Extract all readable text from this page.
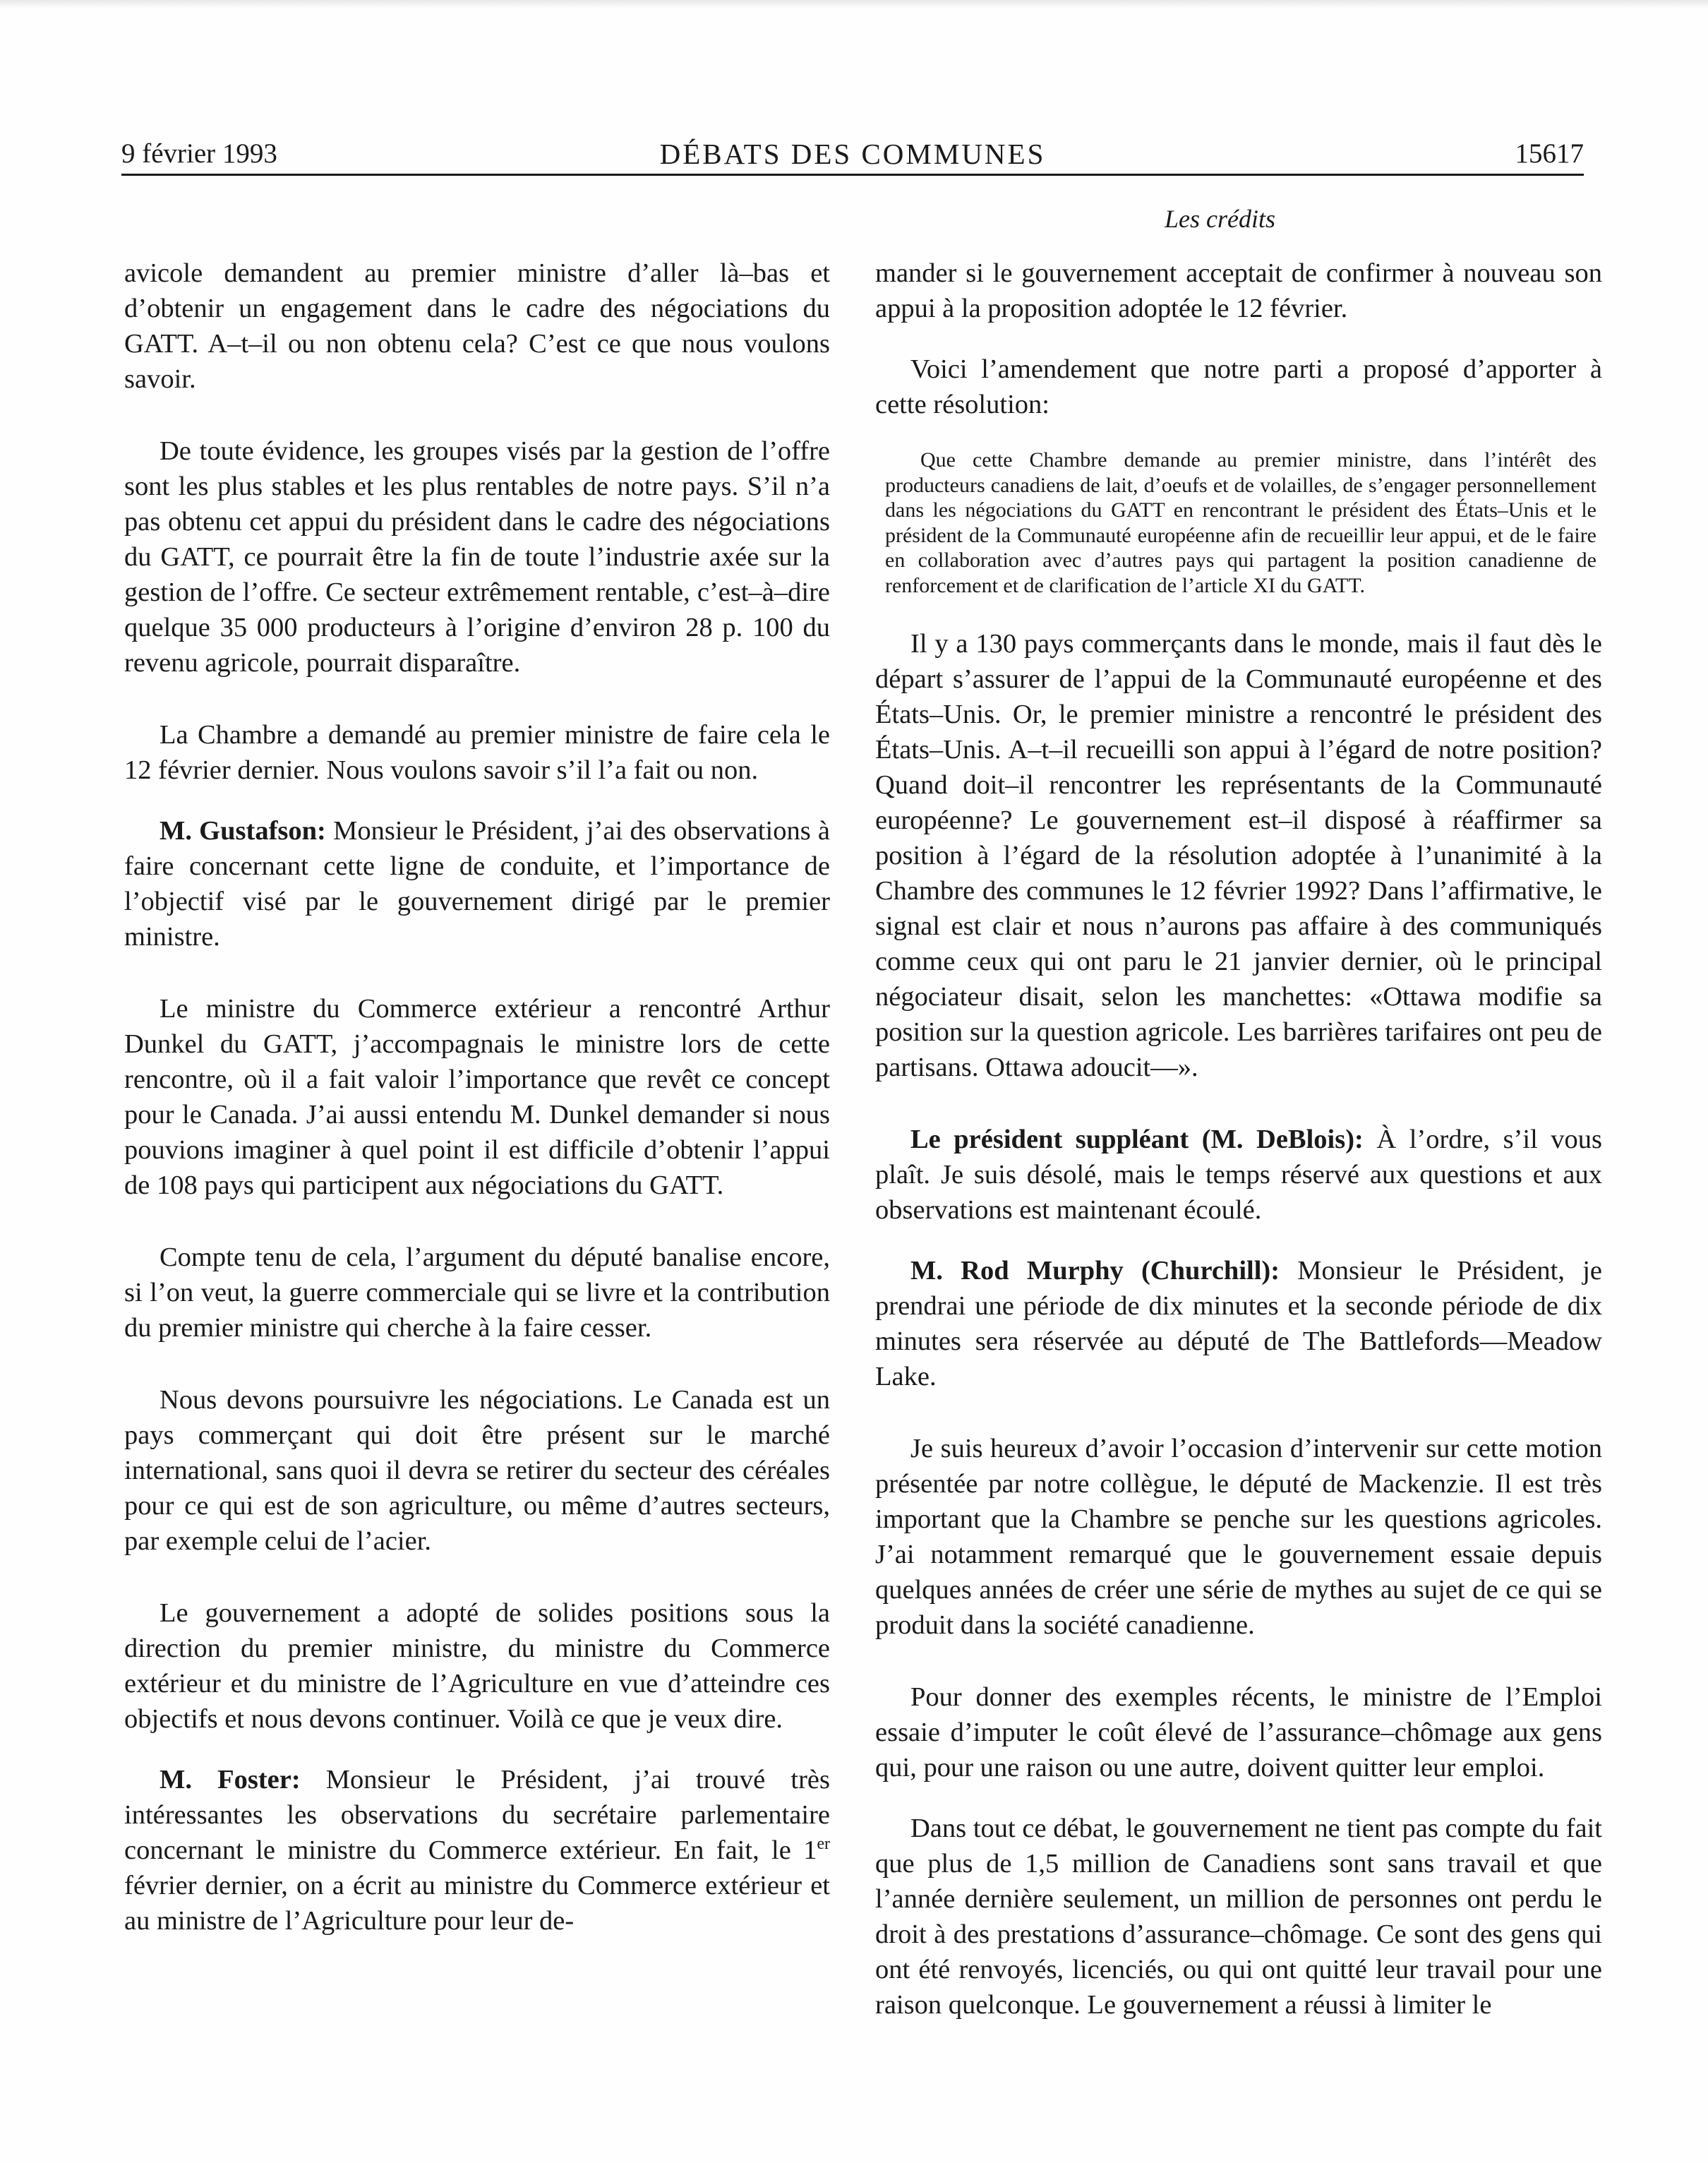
9 février 1993	DÉBATS DES COMMUNES	15617
Les crédits

avicole demandent au premier ministre d’aller là–bas et d’obtenir un engagement dans le cadre des négociations du GATT. A–t–il ou non obtenu cela? C’est ce que nous voulons savoir.

De toute évidence, les groupes visés par la gestion de l’offre sont les plus stables et les plus rentables de notre pays. S’il n’a pas obtenu cet appui du président dans le cadre des négociations du GATT, ce pourrait être la fin de toute l’industrie axée sur la gestion de l’offre. Ce secteur extrêmement rentable, c’est–à–dire quelque 35 000 producteurs à l’origine d’environ 28 p. 100 du revenu agricole, pourrait disparaître.

La Chambre a demandé au premier ministre de faire cela le 12 février dernier. Nous voulons savoir s’il l’a fait ou non.

M. Gustafson: Monsieur le Président, j’ai des observations à faire concernant cette ligne de conduite, et l’importance de l’objectif visé par le gouvernement dirigé par le premier ministre.

Le ministre du Commerce extérieur a rencontré Arthur Dunkel du GATT, j’accompagnais le ministre lors de cette rencontre, où il a fait valoir l’importance que revêt ce concept pour le Canada. J’ai aussi entendu M. Dunkel demander si nous pouvions imaginer à quel point il est difficile d’obtenir l’appui de 108 pays qui participent aux négociations du GATT.

Compte tenu de cela, l’argument du député banalise encore, si l’on veut, la guerre commerciale qui se livre et la contribution du premier ministre qui cherche à la faire cesser.

Nous devons poursuivre les négociations. Le Canada est un pays commerçant qui doit être présent sur le marché international, sans quoi il devra se retirer du secteur des céréales pour ce qui est de son agriculture, ou même d’autres secteurs, par exemple celui de l’acier.

Le gouvernement a adopté de solides positions sous la direction du premier ministre, du ministre du Commerce extérieur et du ministre de l’Agriculture en vue d’atteindre ces objectifs et nous devons continuer. Voilà ce que je veux dire.

M. Foster: Monsieur le Président, j’ai trouvé très intéressantes les observations du secrétaire parlementaire concernant le ministre du Commerce extérieur. En fait, le 1er février dernier, on a écrit au ministre du Commerce extérieur et au ministre de l’Agriculture pour leur de-

mander si le gouvernement acceptait de confirmer à nouveau son appui à la proposition adoptée le 12 février.

Voici l’amendement que notre parti a proposé d’apporter à cette résolution:

Que cette Chambre demande au premier ministre, dans l’intérêt des producteurs canadiens de lait, d’oeufs et de volailles, de s’engager personnellement dans les négociations du GATT en rencontrant le président des États–Unis et le président de la Communauté européenne afin de recueillir leur appui, et de le faire en collaboration avec d’autres pays qui partagent la position canadienne de renforcement et de clarification de l’article XI du GATT.

Il y a 130 pays commerçants dans le monde, mais il faut dès le départ s’assurer de l’appui de la Communauté européenne et des États–Unis. Or, le premier ministre a rencontré le président des États–Unis. A–t–il recueilli son appui à l’égard de notre position? Quand doit–il rencontrer les représentants de la Communauté européenne? Le gouvernement est–il disposé à réaffirmer sa position à l’égard de la résolution adoptée à l’unanimité à la Chambre des communes le 12 février 1992? Dans l’affirmative, le signal est clair et nous n’aurons pas affaire à des communiqués comme ceux qui ont paru le 21 janvier dernier, où le principal négociateur disait, selon les manchettes: «Ottawa modifie sa position sur la question agricole. Les barrières tarifaires ont peu de partisans. Ottawa adoucit—».

Le président suppléant (M. DeBlois): À l’ordre, s’il vous plaît. Je suis désolé, mais le temps réservé aux questions et aux observations est maintenant écoulé.

M. Rod Murphy (Churchill): Monsieur le Président, je prendrai une période de dix minutes et la seconde période de dix minutes sera réservée au député de The Battlefords—Meadow Lake.

Je suis heureux d’avoir l’occasion d’intervenir sur cette motion présentée par notre collègue, le député de Mackenzie. Il est très important que la Chambre se penche sur les questions agricoles. J’ai notamment remarqué que le gouvernement essaie depuis quelques années de créer une série de mythes au sujet de ce qui se produit dans la société canadienne.

Pour donner des exemples récents, le ministre de l’Emploi essaie d’imputer le coût élevé de l’assurance–chômage aux gens qui, pour une raison ou une autre, doivent quitter leur emploi.

Dans tout ce débat, le gouvernement ne tient pas compte du fait que plus de 1,5 million de Canadiens sont sans travail et que l’année dernière seulement, un million de personnes ont perdu le droit à des prestations d’assurance–chômage. Ce sont des gens qui ont été renvoyés, licenciés, ou qui ont quitté leur travail pour une raison quelconque. Le gouvernement a réussi à limiter le
